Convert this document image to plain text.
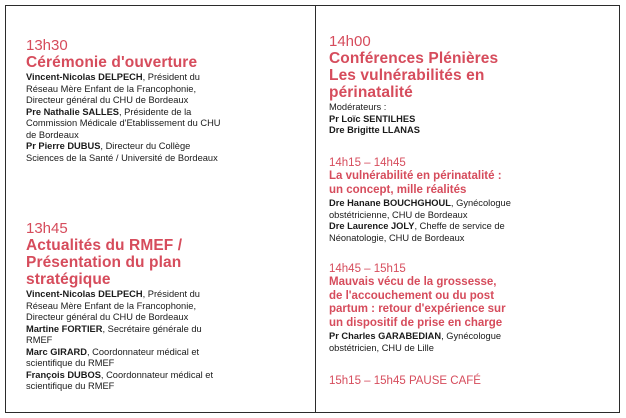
13h30
Cérémonie d'ouverture
Vincent-Nicolas DELPECH, Président du Réseau Mère Enfant de la Francophonie, Directeur général du CHU de Bordeaux
Pre Nathalie SALLES, Présidente de la Commission Médicale d'Etablissement du CHU de Bordeaux
Pr Pierre DUBUS, Directeur du Collège Sciences de la Santé / Université de Bordeaux
13h45
Actualités du RMEF /
Présentation du plan
stratégique
Vincent-Nicolas DELPECH, Président du Réseau Mère Enfant de la Francophonie, Directeur général du CHU de Bordeaux
Martine FORTIER, Secrétaire générale du RMEF
Marc GIRARD, Coordonnateur médical et scientifique du RMEF
François DUBOS, Coordonnateur médical et scientifique du RMEF
14h00
Conférences Plénières
Les vulnérabilités en
périnatalité
Modérateurs :
Pr Loïc SENTILHES
Dre Brigitte LLANAS
14h15 – 14h45
La vulnérabilité en périnatalité :
un concept, mille réalités
Dre Hanane BOUCHGHOUL, Gynécologue obstétricienne, CHU de Bordeaux
Dre Laurence JOLY, Cheffe de service de Néonatologie, CHU de Bordeaux
14h45 – 15h15
Mauvais vécu de la grossesse,
de l'accouchement ou du post
partum : retour d'expérience sur
un dispositif de prise en charge
Pr Charles GARABEDIAN, Gynécologue obstétricien, CHU de Lille
15h15 – 15h45 PAUSE CAFÉ
